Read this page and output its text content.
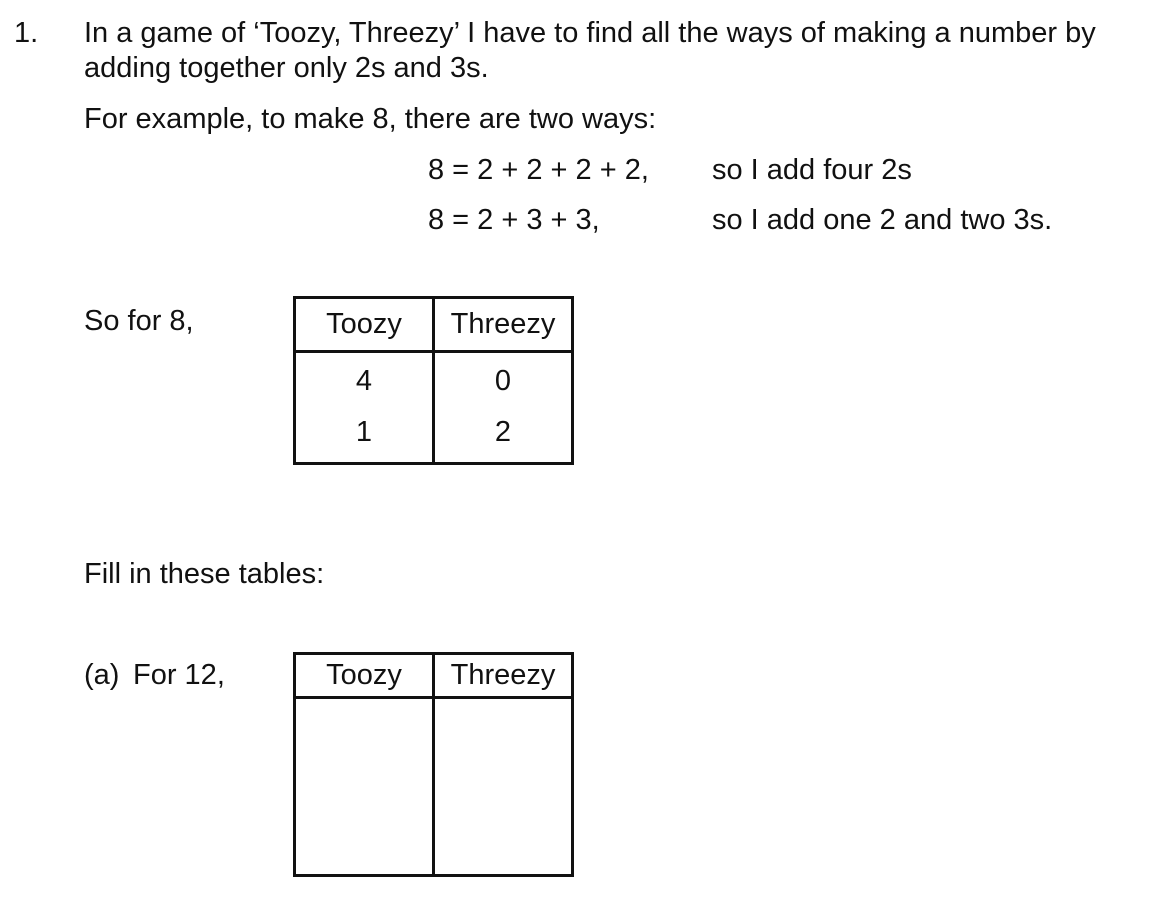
1. In a game of ‘Toozy, Threezy’ I have to find all the ways of making a number by
adding together only 2s and 3s.
For example, to make 8, there are two ways:
8 = 2 + 2 + 2 + 2, so I add four 2s
8 = 2 + 3 + 3,	so I add one 2 and two 3s.
So for 8,	Toozy	Threezy
4	0
1	2
Fill in these tables:
(a) For 12,	Toozy	Threezy
